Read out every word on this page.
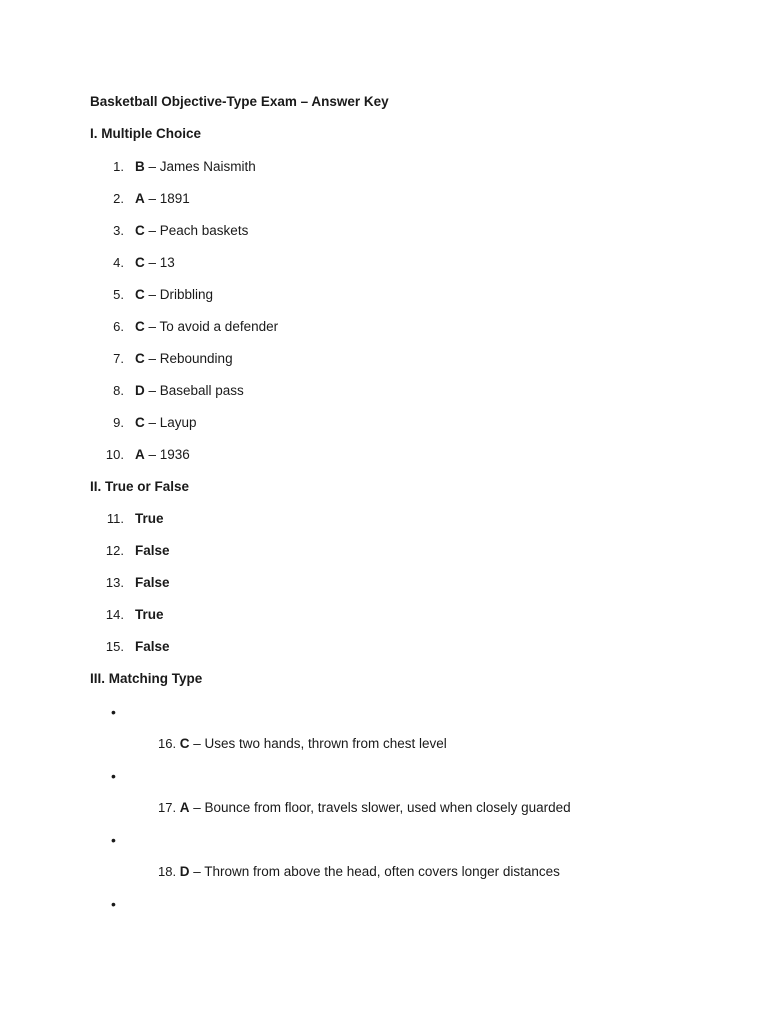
Basketball Objective-Type Exam – Answer Key
I. Multiple Choice
1. B – James Naismith
2. A – 1891
3. C – Peach baskets
4. C – 13
5. C – Dribbling
6. C – To avoid a defender
7. C – Rebounding
8. D – Baseball pass
9. C – Layup
10. A – 1936
II. True or False
11. True
12. False
13. False
14. True
15. False
III. Matching Type
•
16. C – Uses two hands, thrown from chest level
•
17. A – Bounce from floor, travels slower, used when closely guarded
•
18. D – Thrown from above the head, often covers longer distances
•
